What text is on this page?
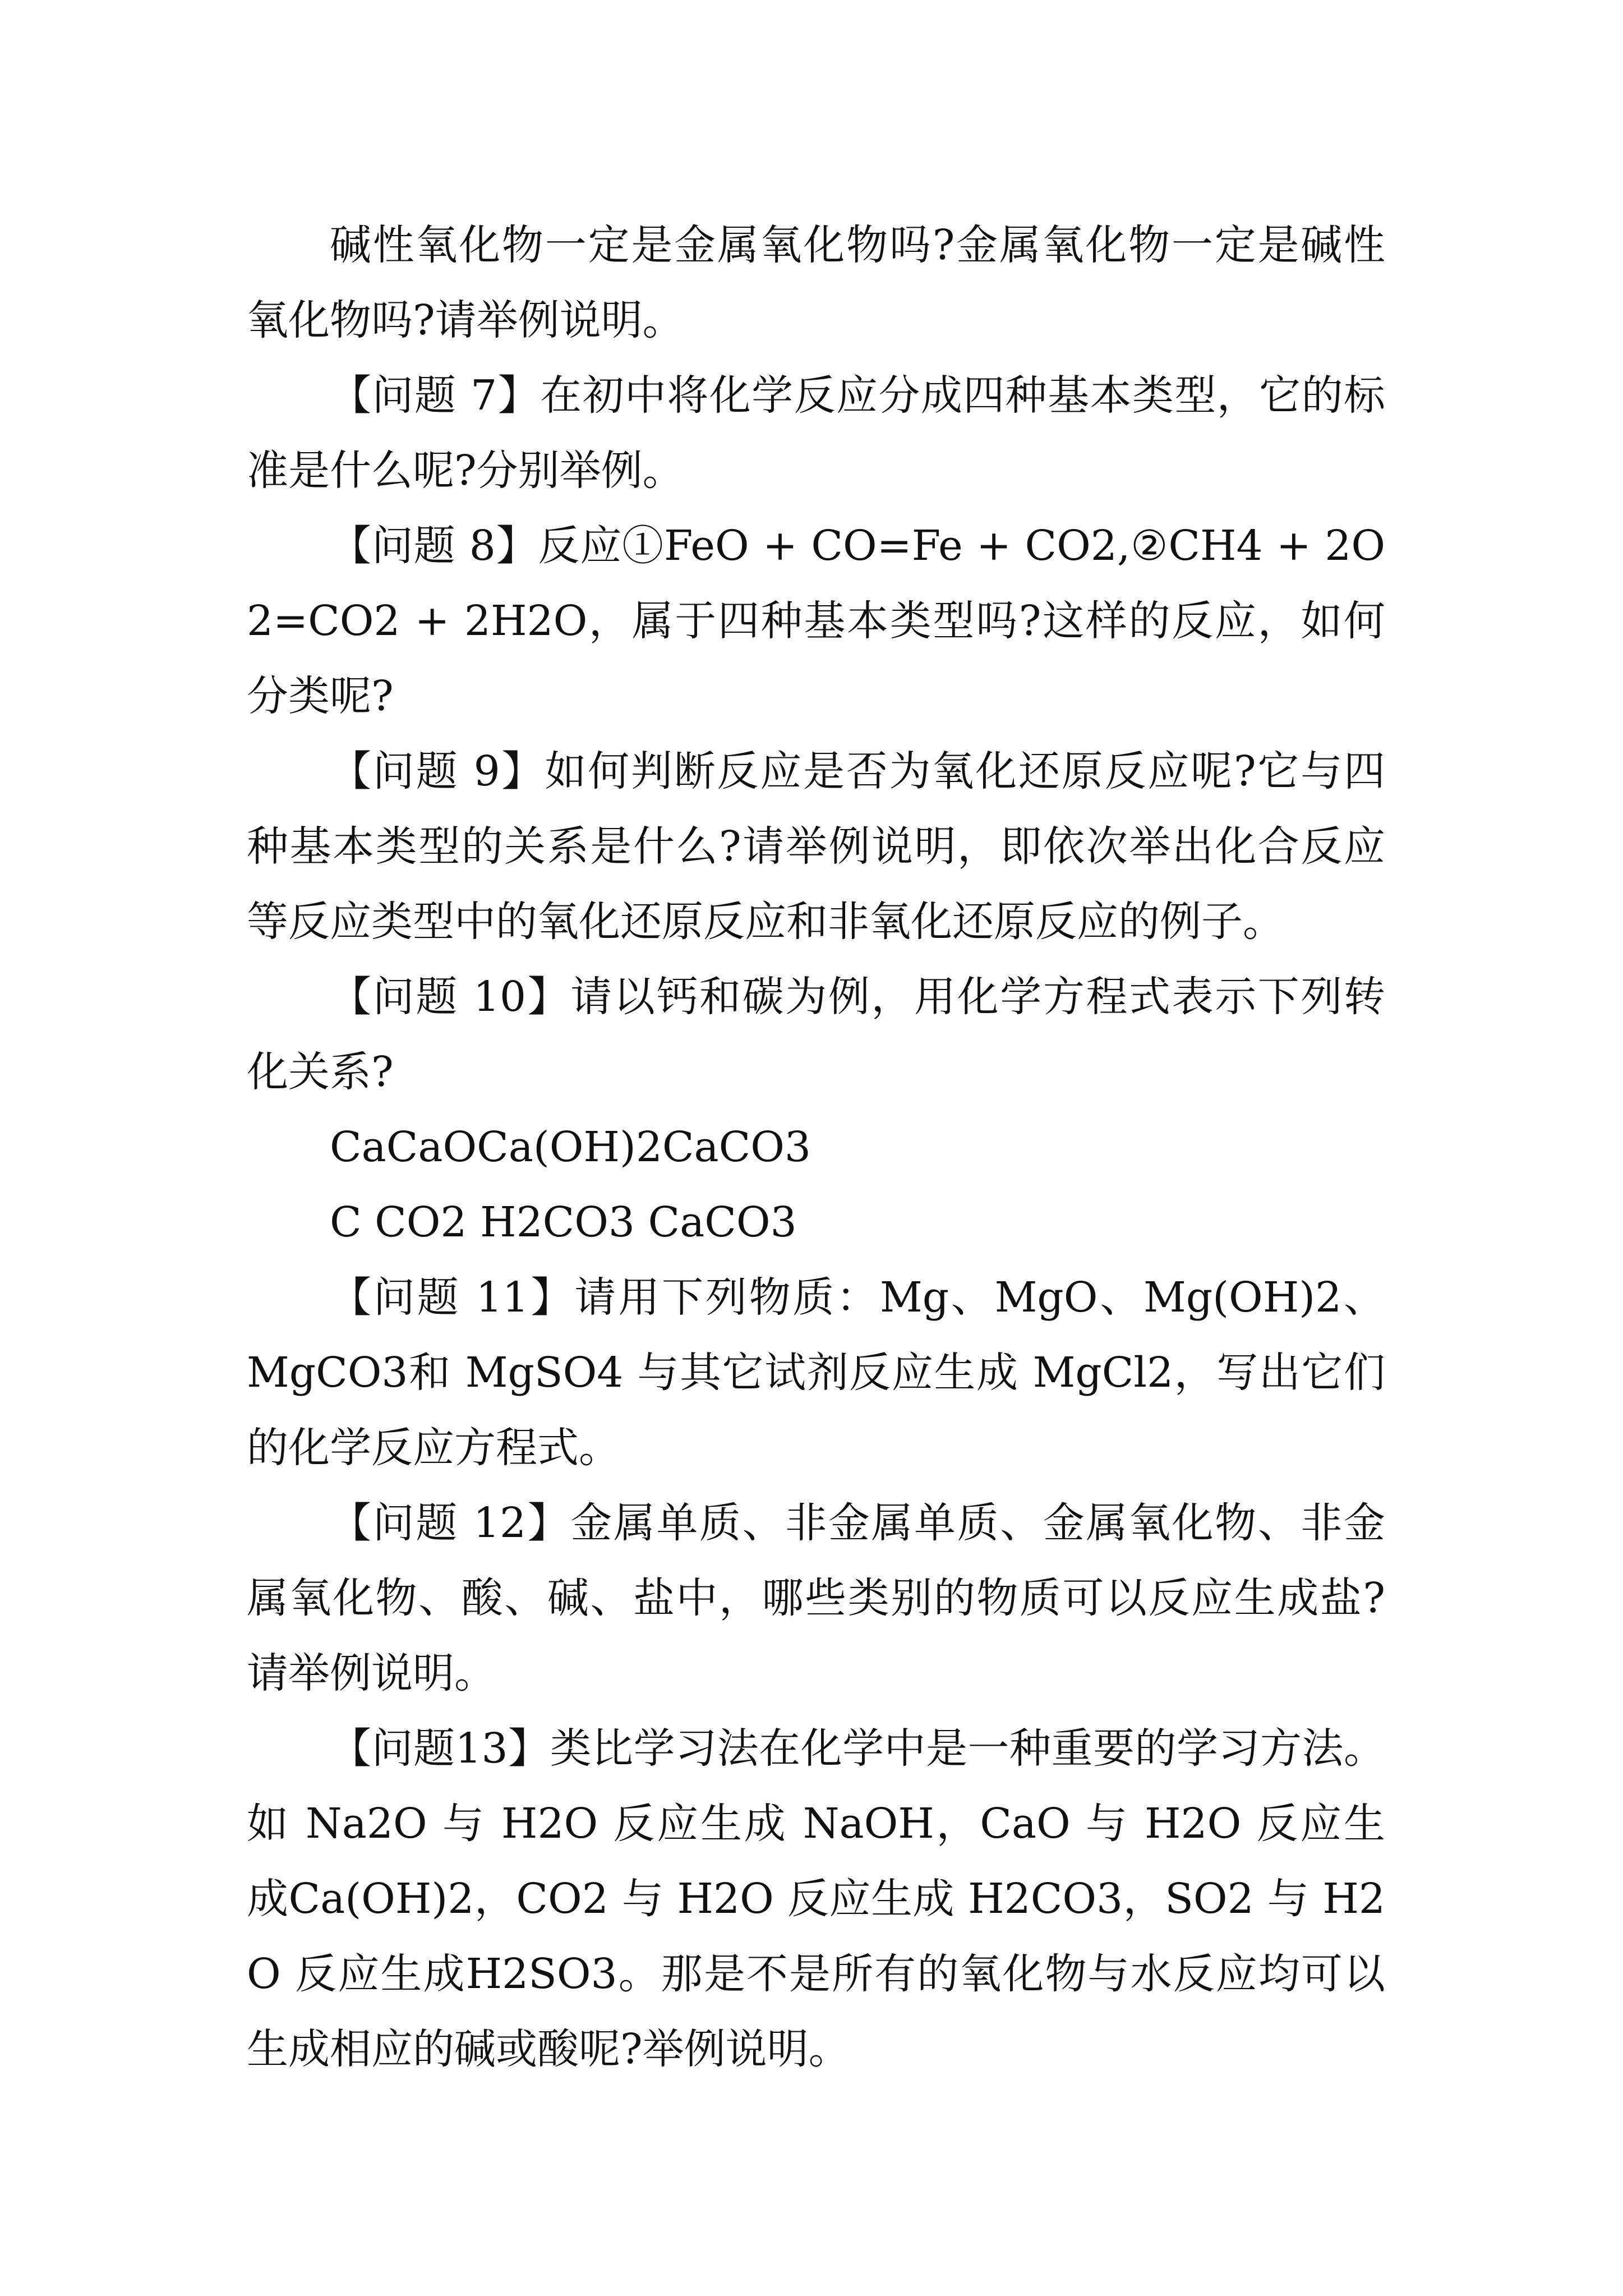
碱性氧化物一定是金属氧化物吗?金属氧化物一定是碱性氧化物吗?请举例说明。

【问题 7】在初中将化学反应分成四种基本类型，它的标准是什么呢?分别举例。

【问题 8】反应①FeO + CO=Fe + CO2,②CH4 + 2O2=CO2 + 2H2O，属于四种基本类型吗?这样的反应，如何分类呢?

【问题 9】如何判断反应是否为氧化还原反应呢?它与四种基本类型的关系是什么?请举例说明，即依次举出化合反应等反应类型中的氧化还原反应和非氧化还原反应的例子。

【问题 10】请以钙和碳为例，用化学方程式表示下列转化关系?

CaCaOCa(OH)2CaCO3

C CO2 H2CO3 CaCO3

【问题 11】请用下列物质：Mg、MgO、Mg(OH)2、MgCO3和 MgSO4 与其它试剂反应生成 MgCl2，写出它们的化学反应方程式。

【问题 12】金属单质、非金属单质、金属氧化物、非金属氧化物、酸、碱、盐中，哪些类别的物质可以反应生成盐?请举例说明。

【问题13】类比学习法在化学中是一种重要的学习方法。如 Na2O 与 H2O 反应生成 NaOH，CaO 与 H2O 反应生成Ca(OH)2，CO2 与 H2O 反应生成 H2CO3，SO2 与 H2O 反应生成H2SO3。那是不是所有的氧化物与水反应均可以生成相应的碱或酸呢?举例说明。
